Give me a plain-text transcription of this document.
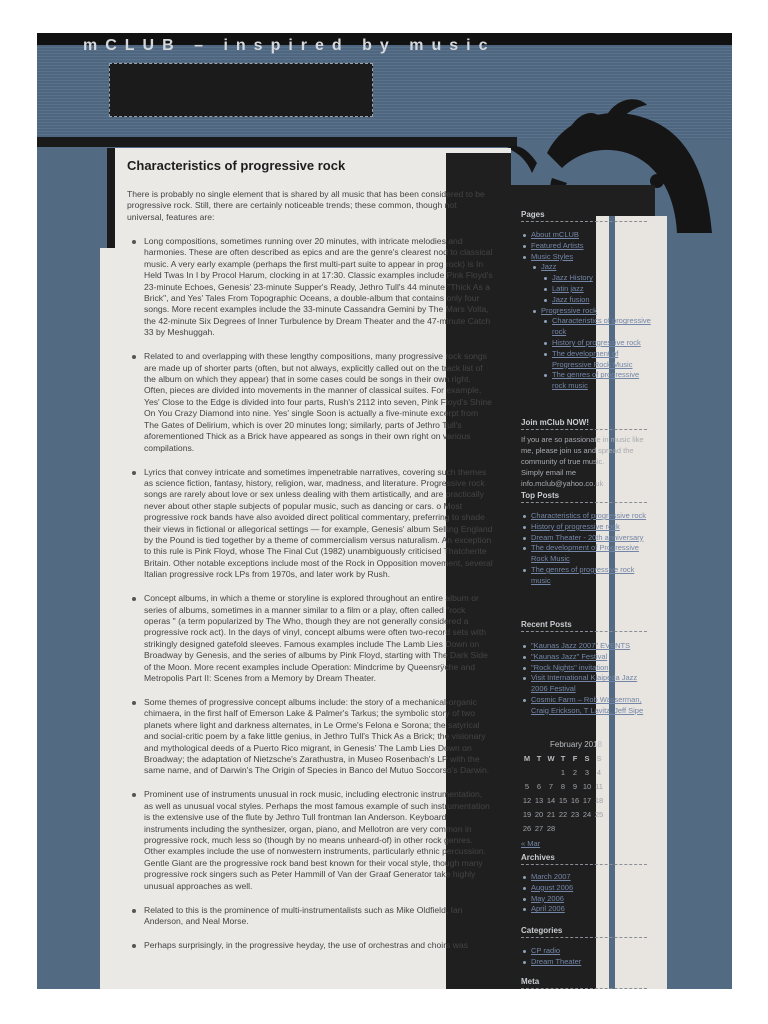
mCLUB – inspired by music
Characteristics of progressive rock

There is probably no single element that is shared by all music that has been considered to be progressive rock. Still, there are certainly noticeable trends; these common, though not universal, features are:

Long compositions, sometimes running over 20 minutes, with intricate melodies and harmonies. These are often described as epics and are the genre's clearest nod to classical music. A very early example (perhaps the first multi-part suite to appear in prog rock) is In Held Twas In I by Procol Harum, clocking in at 17:30. Classic examples include Pink Floyd's 23-minute Echoes, Genesis' 23-minute Supper's Ready, Jethro Tull's 44 minute "Thick As a Brick", and Yes' Tales From Topographic Oceans, a double-album that contains only four songs. More recent examples include the 33-minute Cassandra Gemini by The Mars Volta, the 42-minute Six Degrees of Inner Turbulence by Dream Theater and the 47-minute Catch 33 by Meshuggah.
Related to and overlapping with these lengthy compositions, many progressive rock songs are made up of shorter parts (often, but not always, explicitly called out on the track list of the album on which they appear) that in some cases could be songs in their own right. Often, pieces are divided into movements in the manner of classical suites. For example, Yes' Close to the Edge is divided into four parts, Rush's 2112 into seven, Pink Floyd's Shine On You Crazy Diamond into nine. Yes' single Soon is actually a five-minute excerpt from The Gates of Delirium, which is over 20 minutes long; similarly, parts of Jethro Tull's aforementioned Thick as a Brick have appeared as songs in their own right on various compilations.
Lyrics that convey intricate and sometimes impenetrable narratives, covering such themes as science fiction, fantasy, history, religion, war, madness, and literature. Progressive rock songs are rarely about love or sex unless dealing with them artistically, and are practically never about other staple subjects of popular music, such as dancing or cars. o Most progressive rock bands have also avoided direct political commentary, preferring to shade their views in fictional or allegorical settings — for example, Genesis' album Selling England by the Pound is tied together by a theme of commercialism versus naturalism. An exception to this rule is Pink Floyd, whose The Final Cut (1982) unambiguously criticised Thatcherite Britain. Other notable exceptions include most of the Rock in Opposition movement, several Italian progressive rock LPs from 1970s, and later work by Rush.
Concept albums, in which a theme or storyline is explored throughout an entire album or series of albums, sometimes in a manner similar to a film or a play, often called "rock operas " (a term popularized by The Who, though they are not generally considered a progressive rock act). In the days of vinyl, concept albums were often two-record sets with strikingly designed gatefold sleeves. Famous examples include The Lamb Lies Down on Broadway by Genesis, and the series of albums by Pink Floyd, starting with The Dark Side of the Moon. More recent examples include Operation: Mindcrime by Queensrÿche and Metropolis Part II: Scenes from a Memory by Dream Theater.
Some themes of progressive concept albums include: the story of a mechanical-organic chimaera, in the first half of Emerson Lake & Palmer's Tarkus; the symbolic story of two planets where light and darkness alternates, in Le Orme's Felona e Sorona; the satyrical and social-critic poem by a fake little genius, in Jethro Tull's Thick As a Brick; the visionary and mythological deeds of a Puerto Rico migrant, in Genesis' The Lamb Lies Down on Broadway; the adaptation of Nietzsche's Zarathustra, in Museo Rosenbach's LP with the same name, and of Darwin's The Origin of Species in Banco del Mutuo Soccorso's Darwin.
Prominent use of instruments unusual in rock music, including electronic instrumentation, as well as unusual vocal styles. Perhaps the most famous example of such instrumentation is the extensive use of the flute by Jethro Tull frontman Ian Anderson. Keyboard instruments including the synthesizer, organ, piano, and Mellotron are very common in progressive rock, much less so (though by no means unheard-of) in other rock genres. Other examples include the use of nonwestern instruments, particularly ethnic percussion. Gentle Giant are the progressive rock band best known for their vocal style, though many progressive rock singers such as Peter Hammill of Van der Graaf Generator take highly unusual approaches as well.
Related to this is the prominence of multi-instrumentalists such as Mike Oldfield, Ian Anderson, and Neal Morse.
Perhaps surprisingly, in the progressive heyday, the use of orchestras and choirs was
Pages
About mCLUB
Featured Artists
Music Styles
Jazz
Jazz History
Latin jazz
Jazz fusion
Progressive rock
Characteristics of progressive rock
History of progressive rock
The development of Progressive Rock Music
The genres of progressive rock music
Join mClub NOW!

If you are so passionate in music like me, please join us and spread the community of true music.

Simply email me

info.mclub@yahoo.co.uk

Top Posts
Characteristics of progressive rock
History of progressive rock
Dream Theater - 20th anniversary
The development of Progressive Rock Music
The genres of progressive rock music
Recent Posts
"Kaunas Jazz 2007" EVENTS
"Kaunas Jazz" Festival
"Rock Nights" invitation
Visit International Klaipeda Jazz 2006 Festival
Cosmic Farm – Rob Wasserman, Craig Erickson, T Lavitz, Jeff Sipe
February 2018
M	T	W	T	F	S	S
			1	2	3	4
5	6	7	8	9	10	11
12	13	14	15	16	17	18
19	20	21	22	23	24	25
26	27	28				
« Mar
Archives
March 2007
August 2006
May 2006
April 2006
Categories
CP radio
Dream Theater
Meta
